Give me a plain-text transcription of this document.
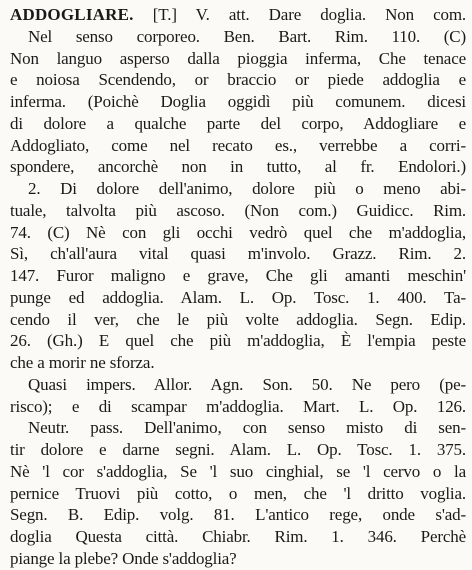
ADDOGLIARE. [T.] V. att. Dare doglia. Non com.
Nel senso corporeo. Ben. Bart. Rim. 110. (C)
Non languo asperso dalla pioggia inferma, Che tenace
e noiosa Scendendo, or braccio or piede addoglia e
inferma. (Poichè Doglia oggidì più comunem. dicesi
di dolore a qualche parte del corpo, Addogliare e
Addogliato, come nel recato es., verrebbe a corri-
spondere, ancorchè non in tutto, al fr. Endolori.)
2. Di dolore dell'animo, dolore più o meno abi-
tuale, talvolta più ascoso. (Non com.) Guidicc. Rim.
74. (C) Nè con gli occhi vedrò quel che m'addoglia,
Sì, ch'all'aura vital quasi m'involo. Grazz. Rim. 2.
147. Furor maligno e grave, Che gli amanti meschin'
punge ed addoglia. Alam. L. Op. Tosc. 1. 400. Ta-
cendo il ver, che le più volte addoglia. Segn. Edip.
26. (Gh.) E quel che più m'addoglia, È l'empia peste
che a morir ne sforza.
Quasi impers. Allor. Agn. Son. 50. Ne pero (pe-
risco); e di scampar m'addoglia. Mart. L. Op. 126.
Neutr. pass. Dell'animo, con senso misto di sen-
tir dolore e darne segni. Alam. L. Op. Tosc. 1. 375.
Nè 'l cor s'addoglia, Se 'l suo cinghial, se 'l cervo o la
pernice Truovi più cotto, o men, che 'l dritto voglia.
Segn. B. Edip. volg. 81. L'antico rege, onde s'ad-
doglia Questa città. Chiabr. Rim. 1. 346. Perchè
piange la plebe? Onde s'addoglia?
